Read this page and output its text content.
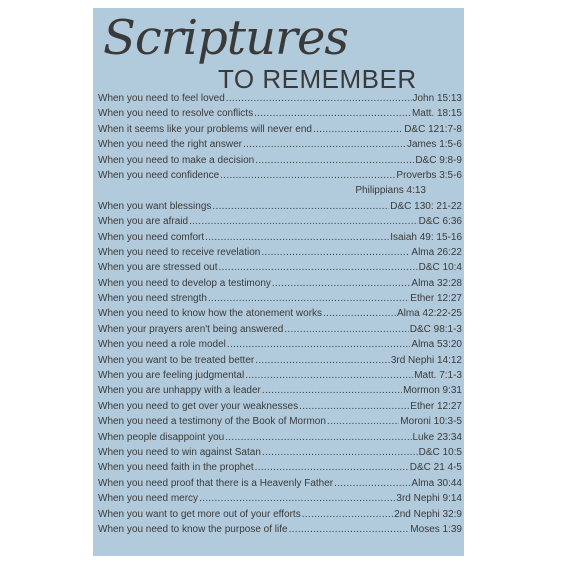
Scriptures
TO REMEMBER
When you need to feel loved .....	John 15:13
When you need to resolve conflicts .....	Matt. 18:15
When it seems like your problems will never end .....	D&C 121:7-8
When you need the right answer .....	James 1:5-6
When you need to make a decision .....	D&C 9:8-9
When you need confidence .....	Proverbs 3:5-6
Philippians 4:13
When you want blessings .....	D&C 130: 21-22
When you are afraid .....	D&C 6:36
When you need comfort .....	Isaiah 49: 15-16
When you need to receive revelation .....	Alma 26:22
When you are stressed out .....	D&C 10:4
When you need to develop a testimony .....	Alma 32:28
When you need strength .....	Ether 12:27
When you need to know how the atonement works .....	Alma 42:22-25
When your prayers aren't being answered .....	D&C 98:1-3
When you need a role model .....	Alma 53:20
When you want to be treated better .....	3rd Nephi 14:12
When you are feeling judgmental .....	Matt. 7:1-3
When you are unhappy with a leader .....	Mormon 9:31
When you need to get over your weaknesses .....	Ether 12:27
When you need a testimony of the Book of Mormon .....	Moroni 10:3-5
When people disappoint you .....	Luke 23:34
When you need to win against Satan .....	D&C 10:5
When you need faith in the prophet .....	D&C 21 4-5
When you need proof that there is a Heavenly Father .....	Alma 30:44
When you need mercy .....	3rd Nephi 9:14
When you want to get more out of your efforts .....	2nd Nephi 32:9
When you need to know the purpose of life .....	Moses 1:39
